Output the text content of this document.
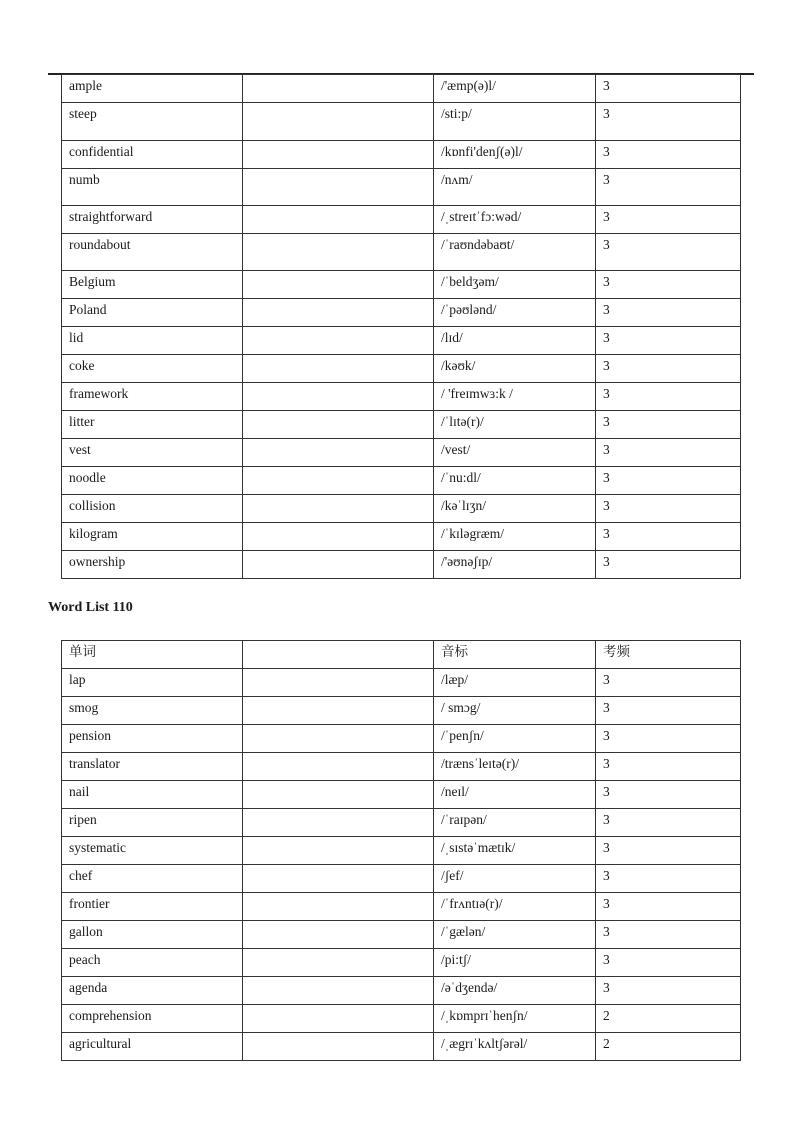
ample		/'æmp(ə)l/	3
steep		/sti:p/	3
confidential		/kɒnfi'denʃ(ə)l/	3
numb		/nʌm/	3
straightforward		/ˌstreɪtˈfɔ:wəd/	3
roundabout		/ˈraʊndəbaʊt/	3
Belgium		/ˈbeldʒəm/	3
Poland		/ˈpəʊlənd/	3
lid		/lɪd/	3
coke		/kəʊk/	3
framework		/ 'freɪmwɜ:k /	3
litter		/ˈlɪtə(r)/	3
vest		/vest/	3
noodle		/ˈnu:dl/	3
collision		/kəˈlɪʒn/	3
kilogram		/ˈkɪləgræm/	3
ownership		/'əʊnəʃɪp/	3
Word List 110
单词		音标	考频
lap		/læp/	3
smog		/ smɔg/	3
pension		/ˈpenʃn/	3
translator		/trænsˈleɪtə(r)/	3
nail		/neɪl/	3
ripen		/ˈraɪpən/	3
systematic		/ˌsɪstəˈmætɪk/	3
chef		/ʃef/	3
frontier		/ˈfrʌntɪə(r)/	3
gallon		/ˈgælən/	3
peach		/pi:tʃ/	3
agenda		/əˈdʒendə/	3
comprehension		/ˌkɒmprɪˈhenʃn/	2
agricultural		/ˌægrɪˈkʌltʃərəl/	2
